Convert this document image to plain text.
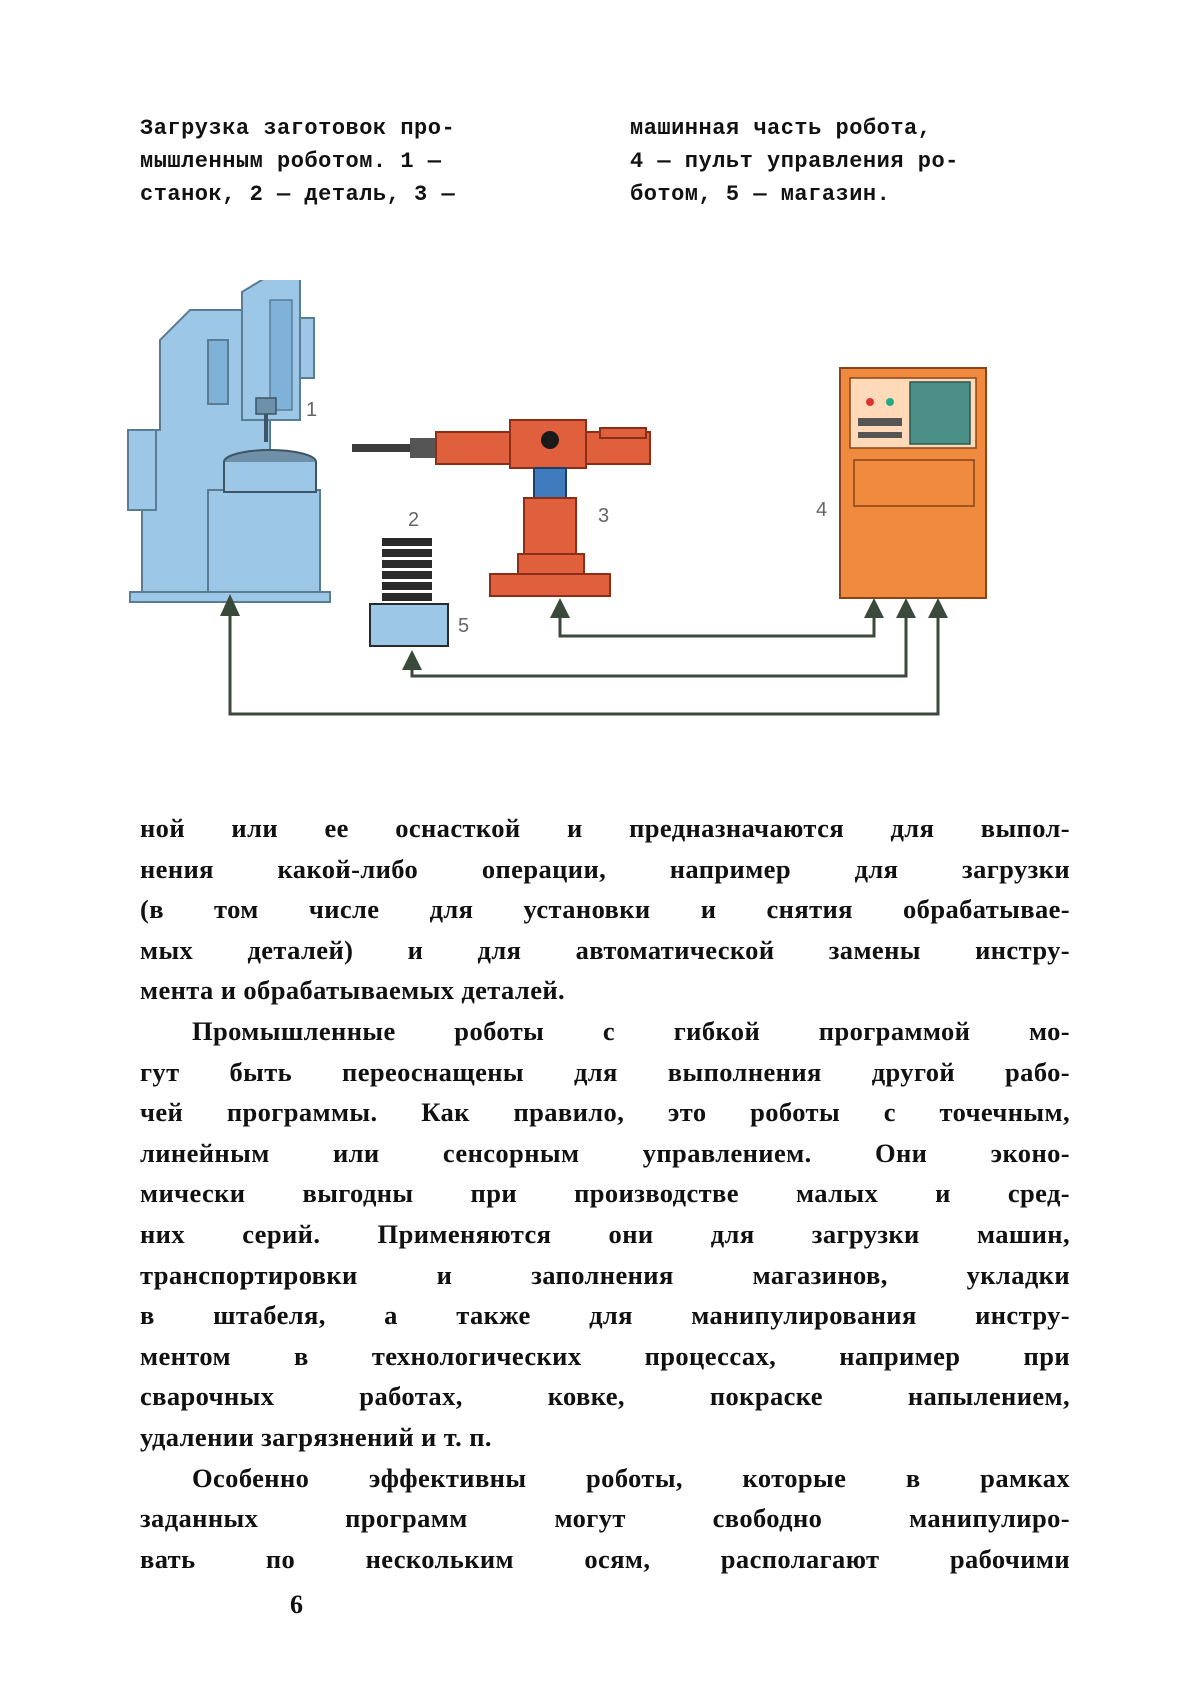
Загрузка заготовок про-
мышленным роботом. 1 —
станок, 2 — деталь, 3 —
машинная часть робота,
4 — пульт управления ро-
ботом, 5 — магазин.
1
3
2
5
4
ной или ее оснасткой и предназначаются для выпол-
нения какой-либо операции, например для загрузки
(в том числе для установки и снятия обрабатывае-
мых деталей) и для автоматической замены инстру-
мента и обрабатываемых деталей.
Промышленные роботы с гибкой программой мо-
гут быть переоснащены для выполнения другой рабо-
чей программы. Как правило, это роботы с точечным,
линейным или сенсорным управлением. Они эконо-
мически выгодны при производстве малых и сред-
них серий. Применяются они для загрузки машин,
транспортировки и заполнения магазинов, укладки
в штабеля, а также для манипулирования инстру-
ментом в технологических процессах, например при
сварочных работах, ковке, покраске напылением,
удалении загрязнений и т. п.
Особенно эффективны роботы, которые в рамках
заданных программ могут свободно манипулиро-
вать по нескольким осям, располагают рабочими
6
